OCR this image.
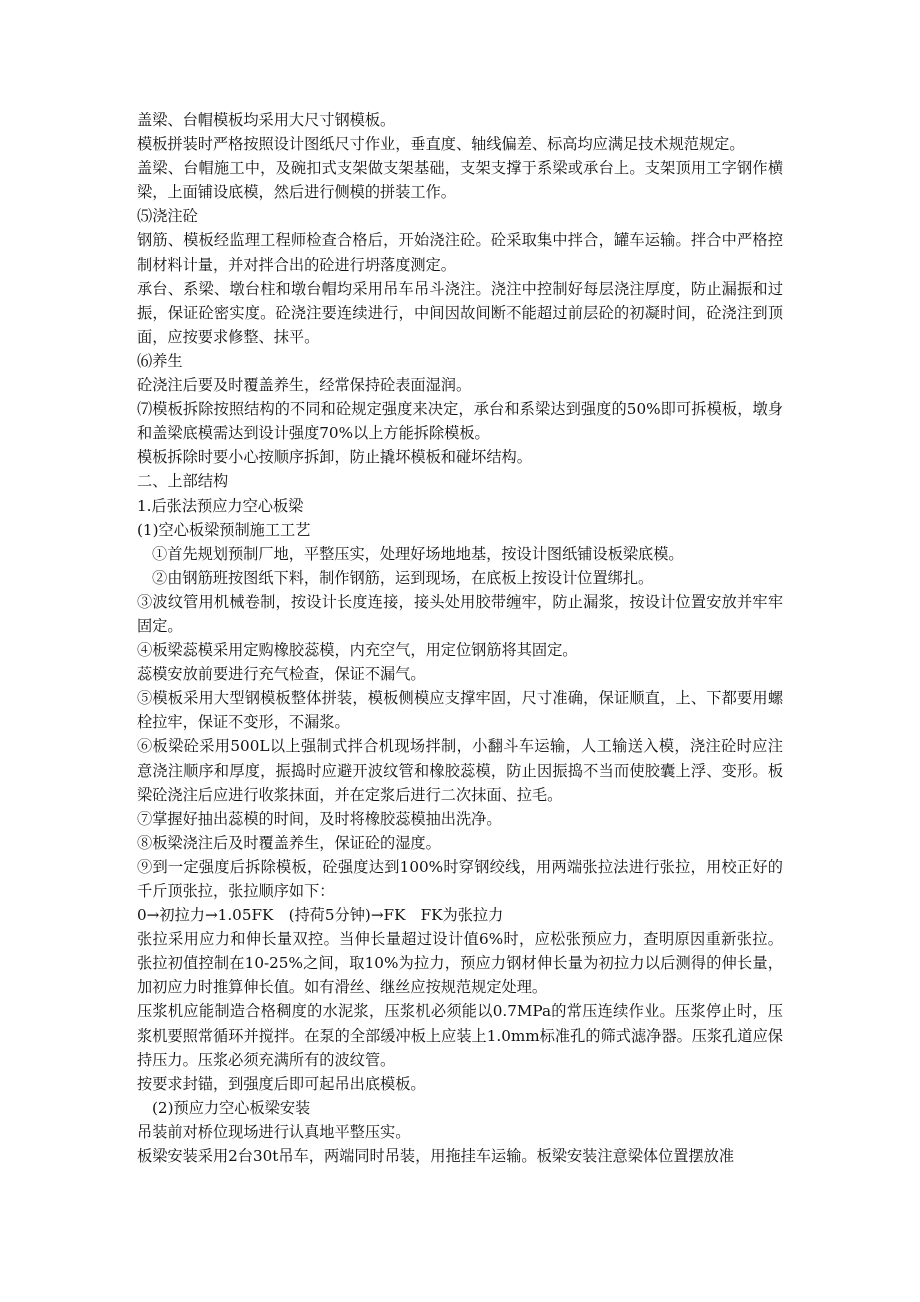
盖梁、台帽模板均采用大尺寸钢模板。

模板拼装时严格按照设计图纸尺寸作业，垂直度、轴线偏差、标高均应满足技术规范规定。

盖梁、台帽施工中，及碗扣式支架做支架基础，支架支撑于系梁或承台上。支架顶用工字钢作横梁，上面铺设底模，然后进行侧模的拼装工作。

⑸浇注砼

钢筋、模板经监理工程师检查合格后，开始浇注砼。砼采取集中拌合，罐车运输。拌合中严格控制材料计量，并对拌合出的砼进行坍落度测定。

承台、系梁、墩台柱和墩台帽均采用吊车吊斗浇注。浇注中控制好每层浇注厚度，防止漏振和过振，保证砼密实度。砼浇注要连续进行，中间因故间断不能超过前层砼的初凝时间，砼浇注到顶面，应按要求修整、抹平。

⑹养生

砼浇注后要及时覆盖养生，经常保持砼表面湿润。

⑺模板拆除按照结构的不同和砼规定强度来决定，承台和系梁达到强度的50%即可拆模板，墩身和盖梁底模需达到设计强度70%以上方能拆除模板。

模板拆除时要小心按顺序拆卸，防止撬坏模板和碰坏结构。

二、上部结构

1.后张法预应力空心板梁

(1)空心板梁预制施工工艺

①首先规划预制厂地，平整压实，处理好场地地基，按设计图纸铺设板梁底模。

②由钢筋班按图纸下料，制作钢筋，运到现场，在底板上按设计位置绑扎。

③波纹管用机械卷制，按设计长度连接，接头处用胶带缠牢，防止漏浆，按设计位置安放并牢牢固定。

④板梁蕊模采用定购橡胶蕊模，内充空气，用定位钢筋将其固定。

蕊模安放前要进行充气检查，保证不漏气。

⑤模板采用大型钢模板整体拼装，模板侧模应支撑牢固，尺寸准确，保证顺直，上、下都要用螺栓拉牢，保证不变形，不漏浆。

⑥板梁砼采用500L以上强制式拌合机现场拌制，小翻斗车运输，人工输送入模，浇注砼时应注意浇注顺序和厚度，振捣时应避开波纹管和橡胶蕊模，防止因振捣不当而使胶囊上浮、变形。板梁砼浇注后应进行收浆抹面，并在定浆后进行二次抹面、拉毛。

⑦掌握好抽出蕊模的时间，及时将橡胶蕊模抽出洗净。

⑧板梁浇注后及时覆盖养生，保证砼的湿度。

⑨到一定强度后拆除模板，砼强度达到100%时穿钢绞线，用两端张拉法进行张拉，用校正好的千斤顶张拉，张拉顺序如下：

0→初拉力→1.05FK　(持荷5分钟)→FK　FK为张拉力

张拉采用应力和伸长量双控。当伸长量超过设计值6%时，应松张预应力，查明原因重新张拉。张拉初值控制在10-25%之间，取10%为拉力，预应力钢材伸长量为初拉力以后测得的伸长量，加初应力时推算伸长值。如有滑丝、继丝应按规范规定处理。

压浆机应能制造合格稠度的水泥浆，压浆机必须能以0.7MPa的常压连续作业。压浆停止时，压浆机要照常循环并搅拌。在泵的全部缓冲板上应装上1.0mm标准孔的筛式滤净器。压浆孔道应保持压力。压浆必须充满所有的波纹管。

按要求封锚，到强度后即可起吊出底模板。

(2)预应力空心板梁安装

吊装前对桥位现场进行认真地平整压实。

板梁安装采用2台30t吊车，两端同时吊装，用拖挂车运输。板梁安装注意梁体位置摆放准
